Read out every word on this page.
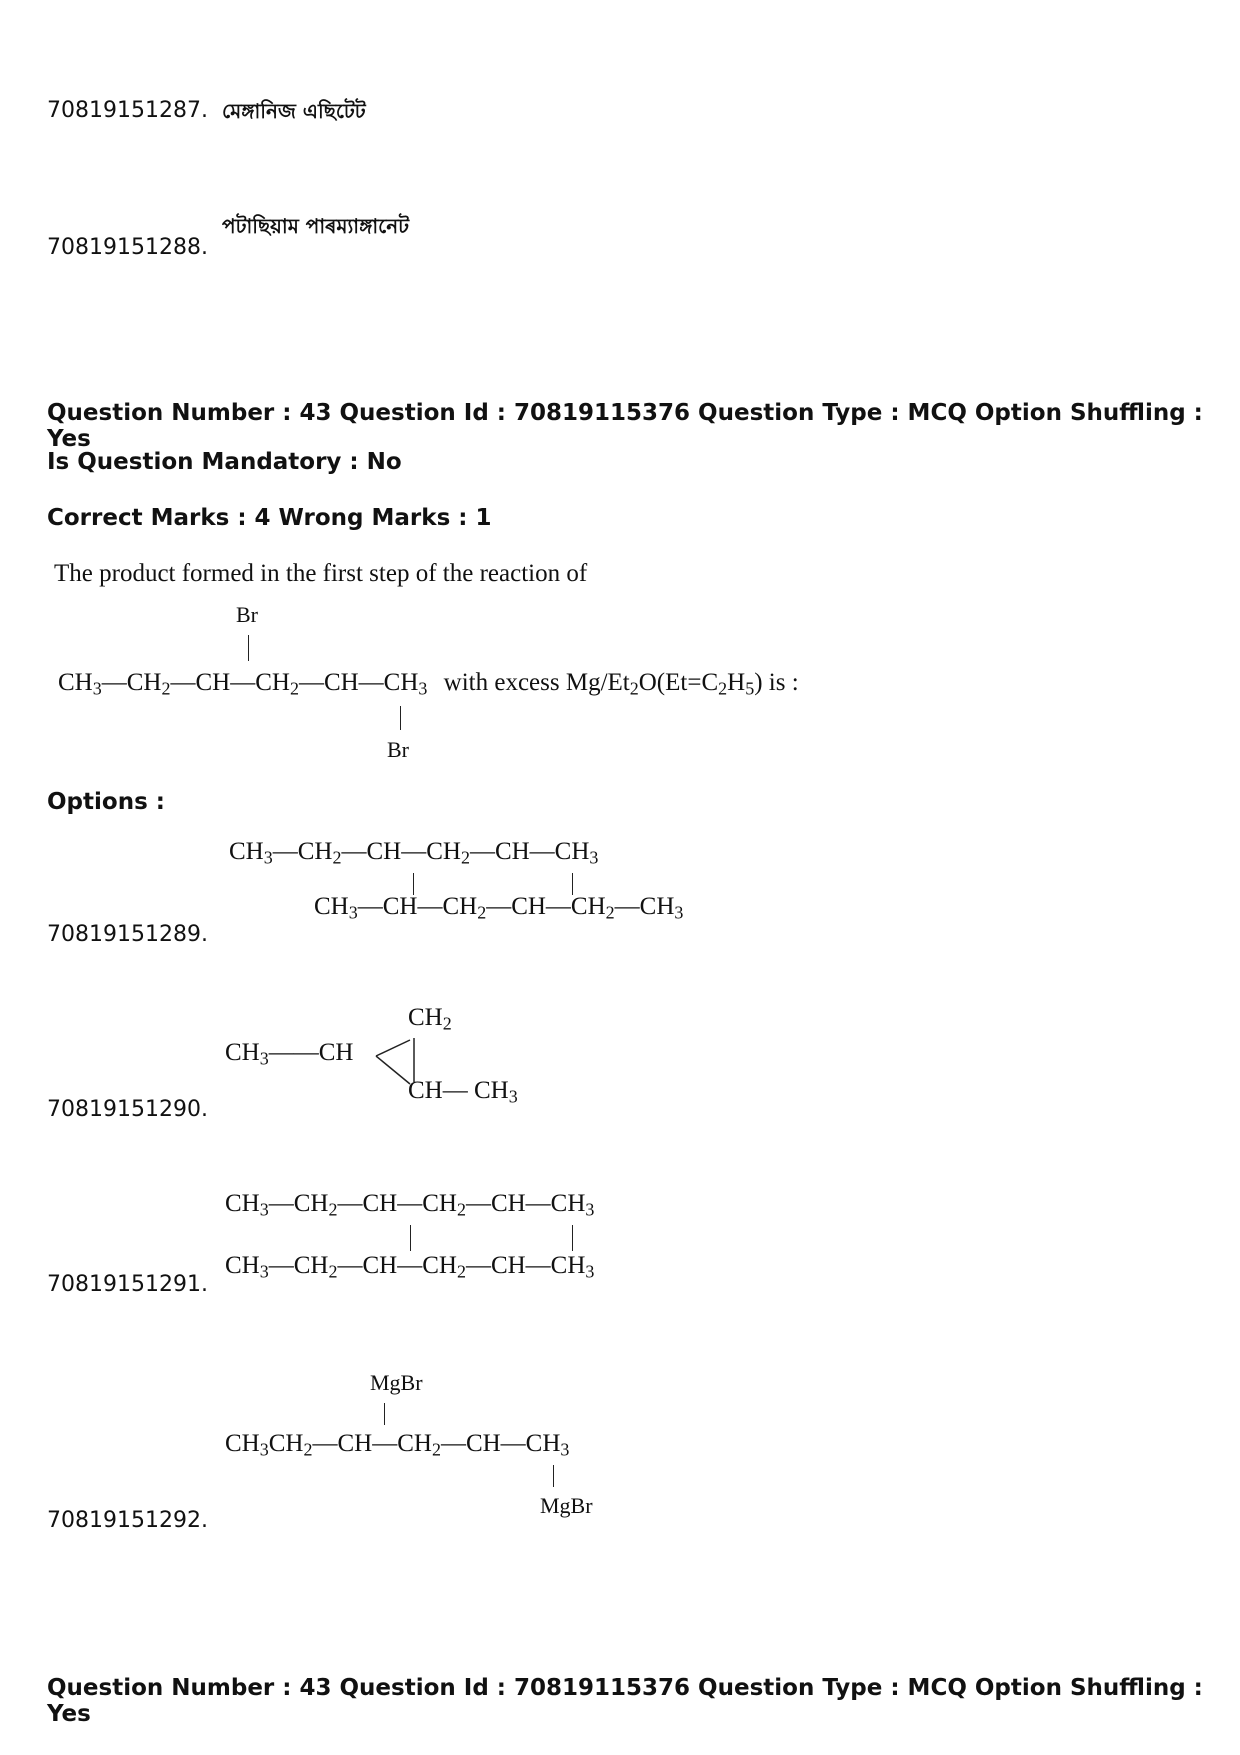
70819151287. মেঙ্গানিজ এছিটেট
70819151288.
পটাছিয়াম পাৰম্যাঙ্গানেট
Question Number : 43 Question Id : 70819115376 Question Type : MCQ Option Shuffling : Yes
Is Question Mandatory : No
Correct Marks : 4 Wrong Marks : 1
The product formed in the first step of the reaction of
Br
$CH_3—CH_2—CH—CH_2—CH—CH_3$ with excess $Mg/Et_2O(Et=C_2H_5)$ is :
Br
Options :
70819151289.
$CH_3—CH_2—CH—CH_2—CH—CH_3$
$CH_3—CH—CH_2—CH—CH_2—CH_3$
70819151290.
$CH_3——CH$
$CH_2$
CH— $CH_3$
70819151291.
$CH_3—CH_2—CH—CH_2—CH—CH_3$
$CH_3—CH_2—CH—CH_2—CH—CH_3$
70819151292.
MgBr
$CH_3CH_2—CH—CH_2—CH—CH_3$
MgBr
Question Number : 43 Question Id : 70819115376 Question Type : MCQ Option Shuffling : Yes
